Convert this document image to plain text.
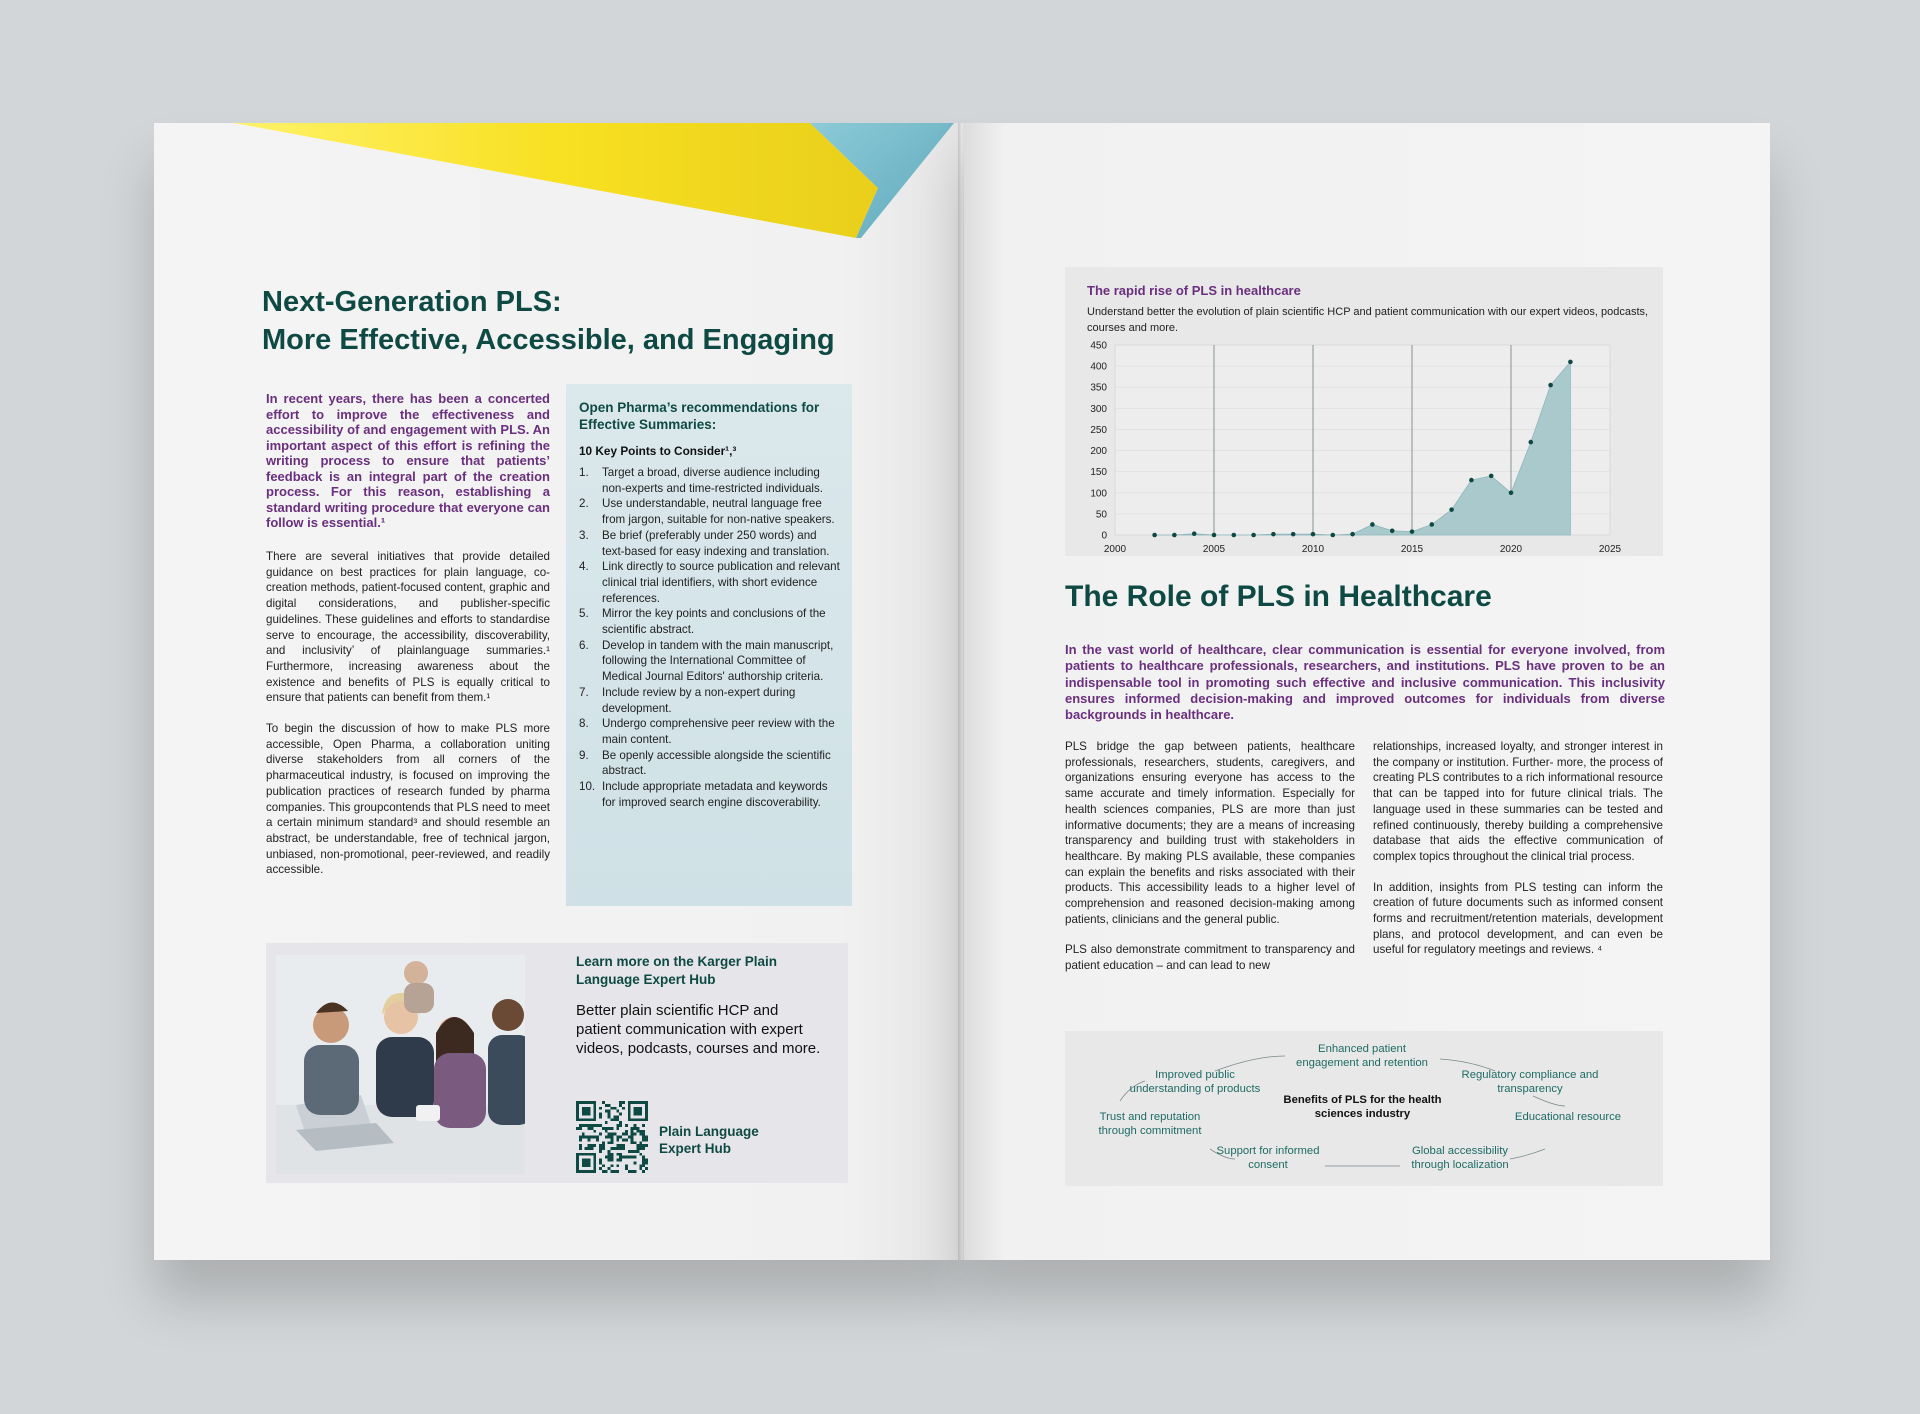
Next-Generation PLS:
More Effective, Accessible, and Engaging
In recent years, there has been a concerted effort to improve the effectiveness and accessibility of and engagement with PLS. An important aspect of this effort is refining the writing process to ensure that patients’ feedback is an integral part of the creation process. For this reason, establishing a standard writing procedure that everyone can follow is essential.¹

There are several initiatives that provide detailed guidance on best practices for plain language, co-creation methods, patient-focused content, graphic and digital considerations, and publisher-specific guidelines. These guidelines and efforts to standardise serve to encourage, the accessibility, discoverability, and inclusivity’ of plainlanguage summaries.¹ Furthermore, increasing awareness about the existence and benefits of PLS is equally critical to ensure that patients can benefit from them.¹

To begin the discussion of how to make PLS more accessible, Open Pharma, a collaboration uniting diverse stakeholders from all corners of the pharmaceutical industry, is focused on improving the publication practices of research funded by pharma companies. This groupcontends that PLS need to meet a certain minimum standard³ and should resemble an abstract, be understandable, free of technical jargon, unbiased, non-promotional, peer-reviewed, and readily accessible.

Open Pharma’s recommendations for Effective Summaries:
10 Key Points to Consider¹,³
1.	Target a broad, diverse audience including non-experts and time-restricted individuals.
2.	Use understandable, neutral language free from jargon, suitable for non-native speakers.
3.	Be brief (preferably under 250 words) and text-based for easy indexing and translation.
4.	Link directly to source publication and relevant clinical trial identifiers, with short evidence references.
5.	Mirror the key points and conclusions of the scientific abstract.
6.	Develop in tandem with the main manuscript, following the International Committee of Medical Journal Editors' authorship criteria.
7.	Include review by a non-expert during development.
8.	Undergo comprehensive peer review with the main content.
9.	Be openly accessible alongside the scientific abstract.
10. Include appropriate metadata and keywords for improved search engine discoverability.
Learn more on the Karger Plain Language Expert Hub
Better plain scientific HCP and patient communication with expert videos, podcasts, courses and more.
Plain Language Expert Hub
The rapid rise of PLS in healthcare
Understand better the evolution of plain scientific HCP and patient communication with our expert videos, podcasts, courses and more.
0
50
100
150
200
250
300
350
400
450
2000	2005	2010	2015	2020	2025
The Role of PLS in Healthcare
In the vast world of healthcare, clear communication is essential for everyone involved, from patients to healthcare professionals, researchers, and institutions. PLS have proven to be an indispensable tool in promoting such effective and inclusive communication. This inclusivity ensures informed decision-making and improved outcomes for individuals from diverse backgrounds in healthcare.

PLS bridge the gap between patients, healthcare professionals, researchers, students, caregivers, and organizations ensuring everyone has access to the same accurate and timely information. Especially for health sciences companies, PLS are more than just informative documents; they are a means of increasing transparency and building trust with stakeholders in healthcare. By making PLS available, these companies can explain the benefits and risks associated with their products. This accessibility leads to a higher level of comprehension and reasoned decision-making among patients, clinicians and the general public.

PLS also demonstrate commitment to transparency and patient education – and can lead to new

relationships, increased loyalty, and stronger interest in the company or institution. Further- more, the process of creating PLS contributes to a rich informational resource that can be tapped into for future clinical trials. The language used in these summaries can be tested and refined continuously, thereby building a comprehensive database that aids the effective communication of complex topics throughout the clinical trial process.

In addition, insights from PLS testing can inform the creation of future documents such as informed consent forms and recruitment/retention materials, development plans, and protocol development, and can even be useful for regulatory meetings and reviews. ⁴

Benefits of PLS for the health sciences industry
Enhanced patient engagement and retention
Regulatory compliance and transparency
Educational resource
Global accessibility through localization
Support for informed consent
Trust and reputation through commitment
Improved public understanding of products
